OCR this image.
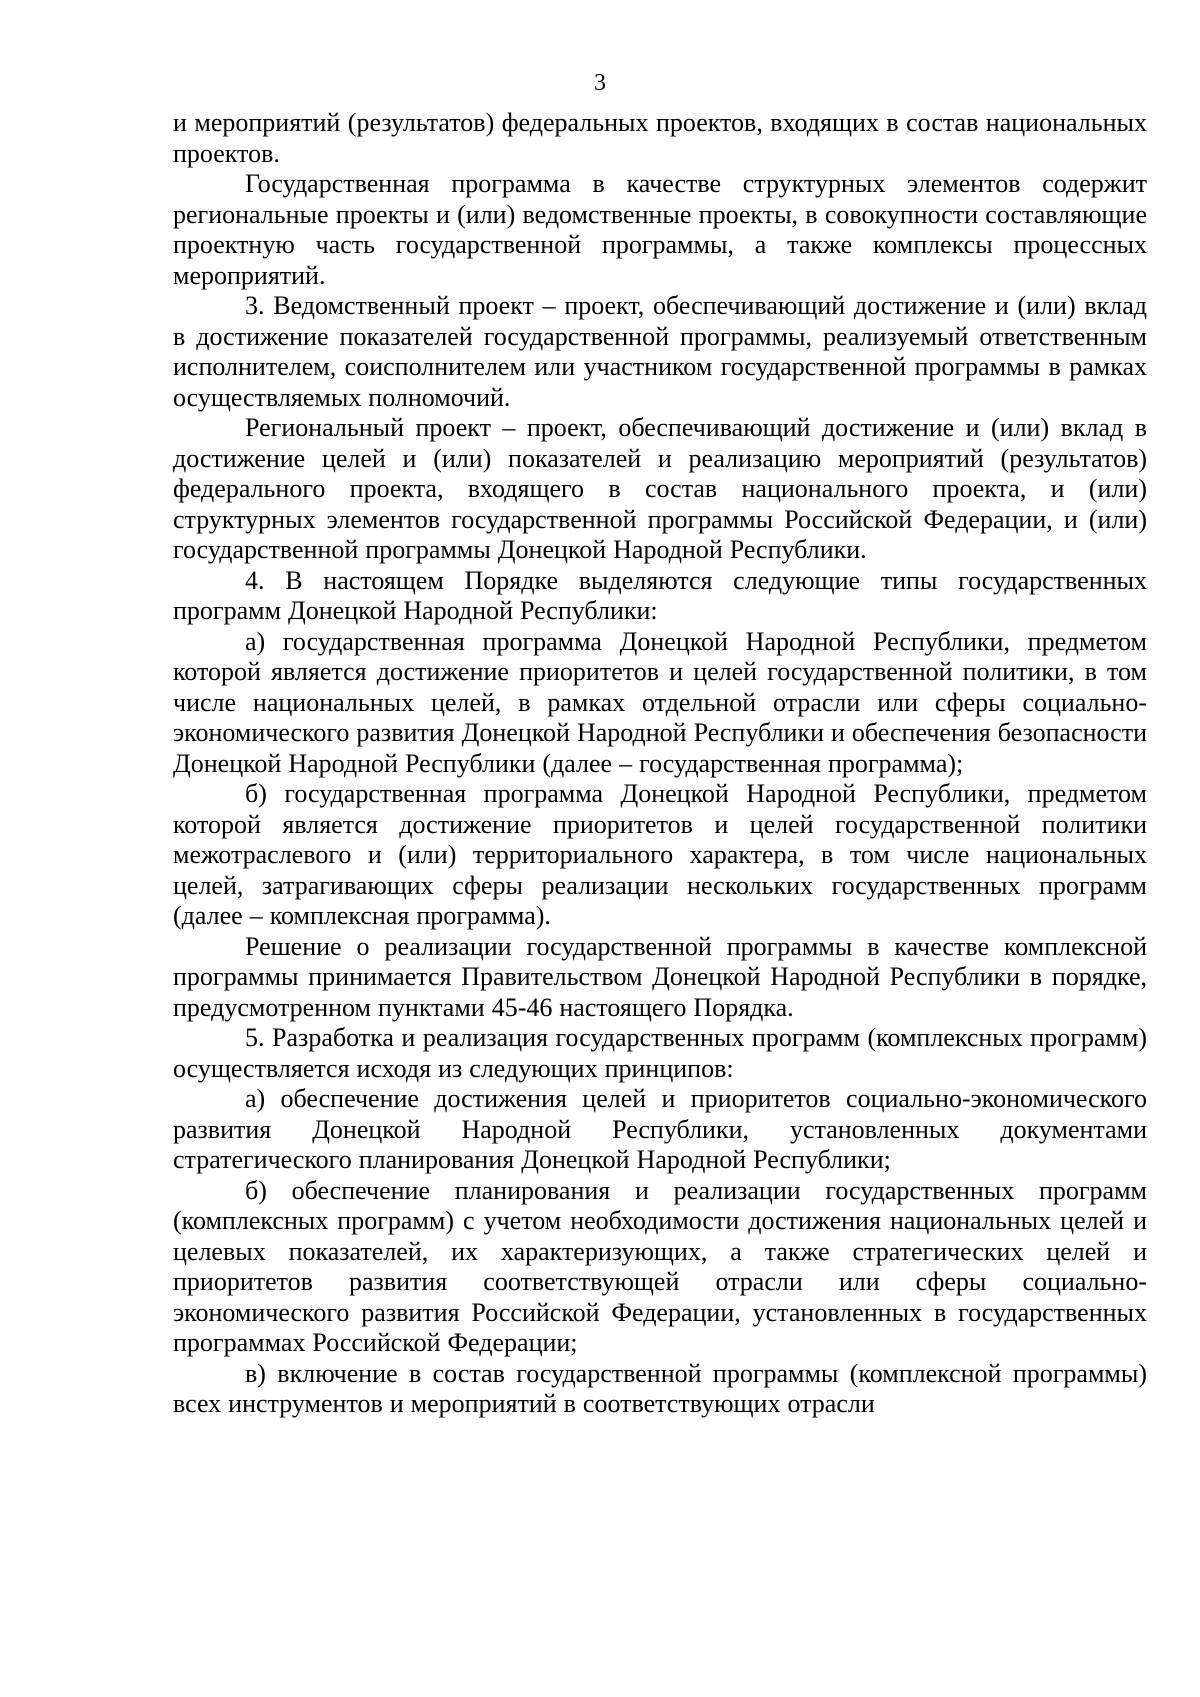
3

и мероприятий (результатов) федеральных проектов, входящих в состав национальных проектов.

Государственная программа в качестве структурных элементов содержит региональные проекты и (или) ведомственные проекты, в совокупности составляющие проектную часть государственной программы, а также комплексы процессных мероприятий.

3. Ведомственный проект – проект, обеспечивающий достижение и (или) вклад в достижение показателей государственной программы, реализуемый ответственным исполнителем, соисполнителем или участником государственной программы в рамках осуществляемых полномочий.

Региональный проект – проект, обеспечивающий достижение и (или) вклад в достижение целей и (или) показателей и реализацию мероприятий (результатов) федерального проекта, входящего в состав национального проекта, и (или) структурных элементов государственной программы Российской Федерации, и (или) государственной программы Донецкой Народной Республики.

4. В настоящем Порядке выделяются следующие типы государственных программ Донецкой Народной Республики:

а) государственная программа Донецкой Народной Республики, предметом которой является достижение приоритетов и целей государственной политики, в том числе национальных целей, в рамках отдельной отрасли или сферы социально-экономического развития Донецкой Народной Республики и обеспечения безопасности Донецкой Народной Республики (далее – государственная программа);

б) государственная программа Донецкой Народной Республики, предметом которой является достижение приоритетов и целей государственной политики межотраслевого и (или) территориального характера, в том числе национальных целей, затрагивающих сферы реализации нескольких государственных программ (далее – комплексная программа).

Решение о реализации государственной программы в качестве комплексной программы принимается Правительством Донецкой Народной Республики в порядке, предусмотренном пунктами 45-46 настоящего Порядка.

5. Разработка и реализация государственных программ (комплексных программ) осуществляется исходя из следующих принципов:

а) обеспечение достижения целей и приоритетов социально-экономического развития Донецкой Народной Республики, установленных документами стратегического планирования Донецкой Народной Республики;

б) обеспечение планирования и реализации государственных программ (комплексных программ) с учетом необходимости достижения национальных целей и целевых показателей, их характеризующих, а также стратегических целей и приоритетов развития соответствующей отрасли или сферы социально-экономического развития Российской Федерации, установленных в государственных программах Российской Федерации;

в) включение в состав государственной программы (комплексной программы) всех инструментов и мероприятий в соответствующих отрасли
